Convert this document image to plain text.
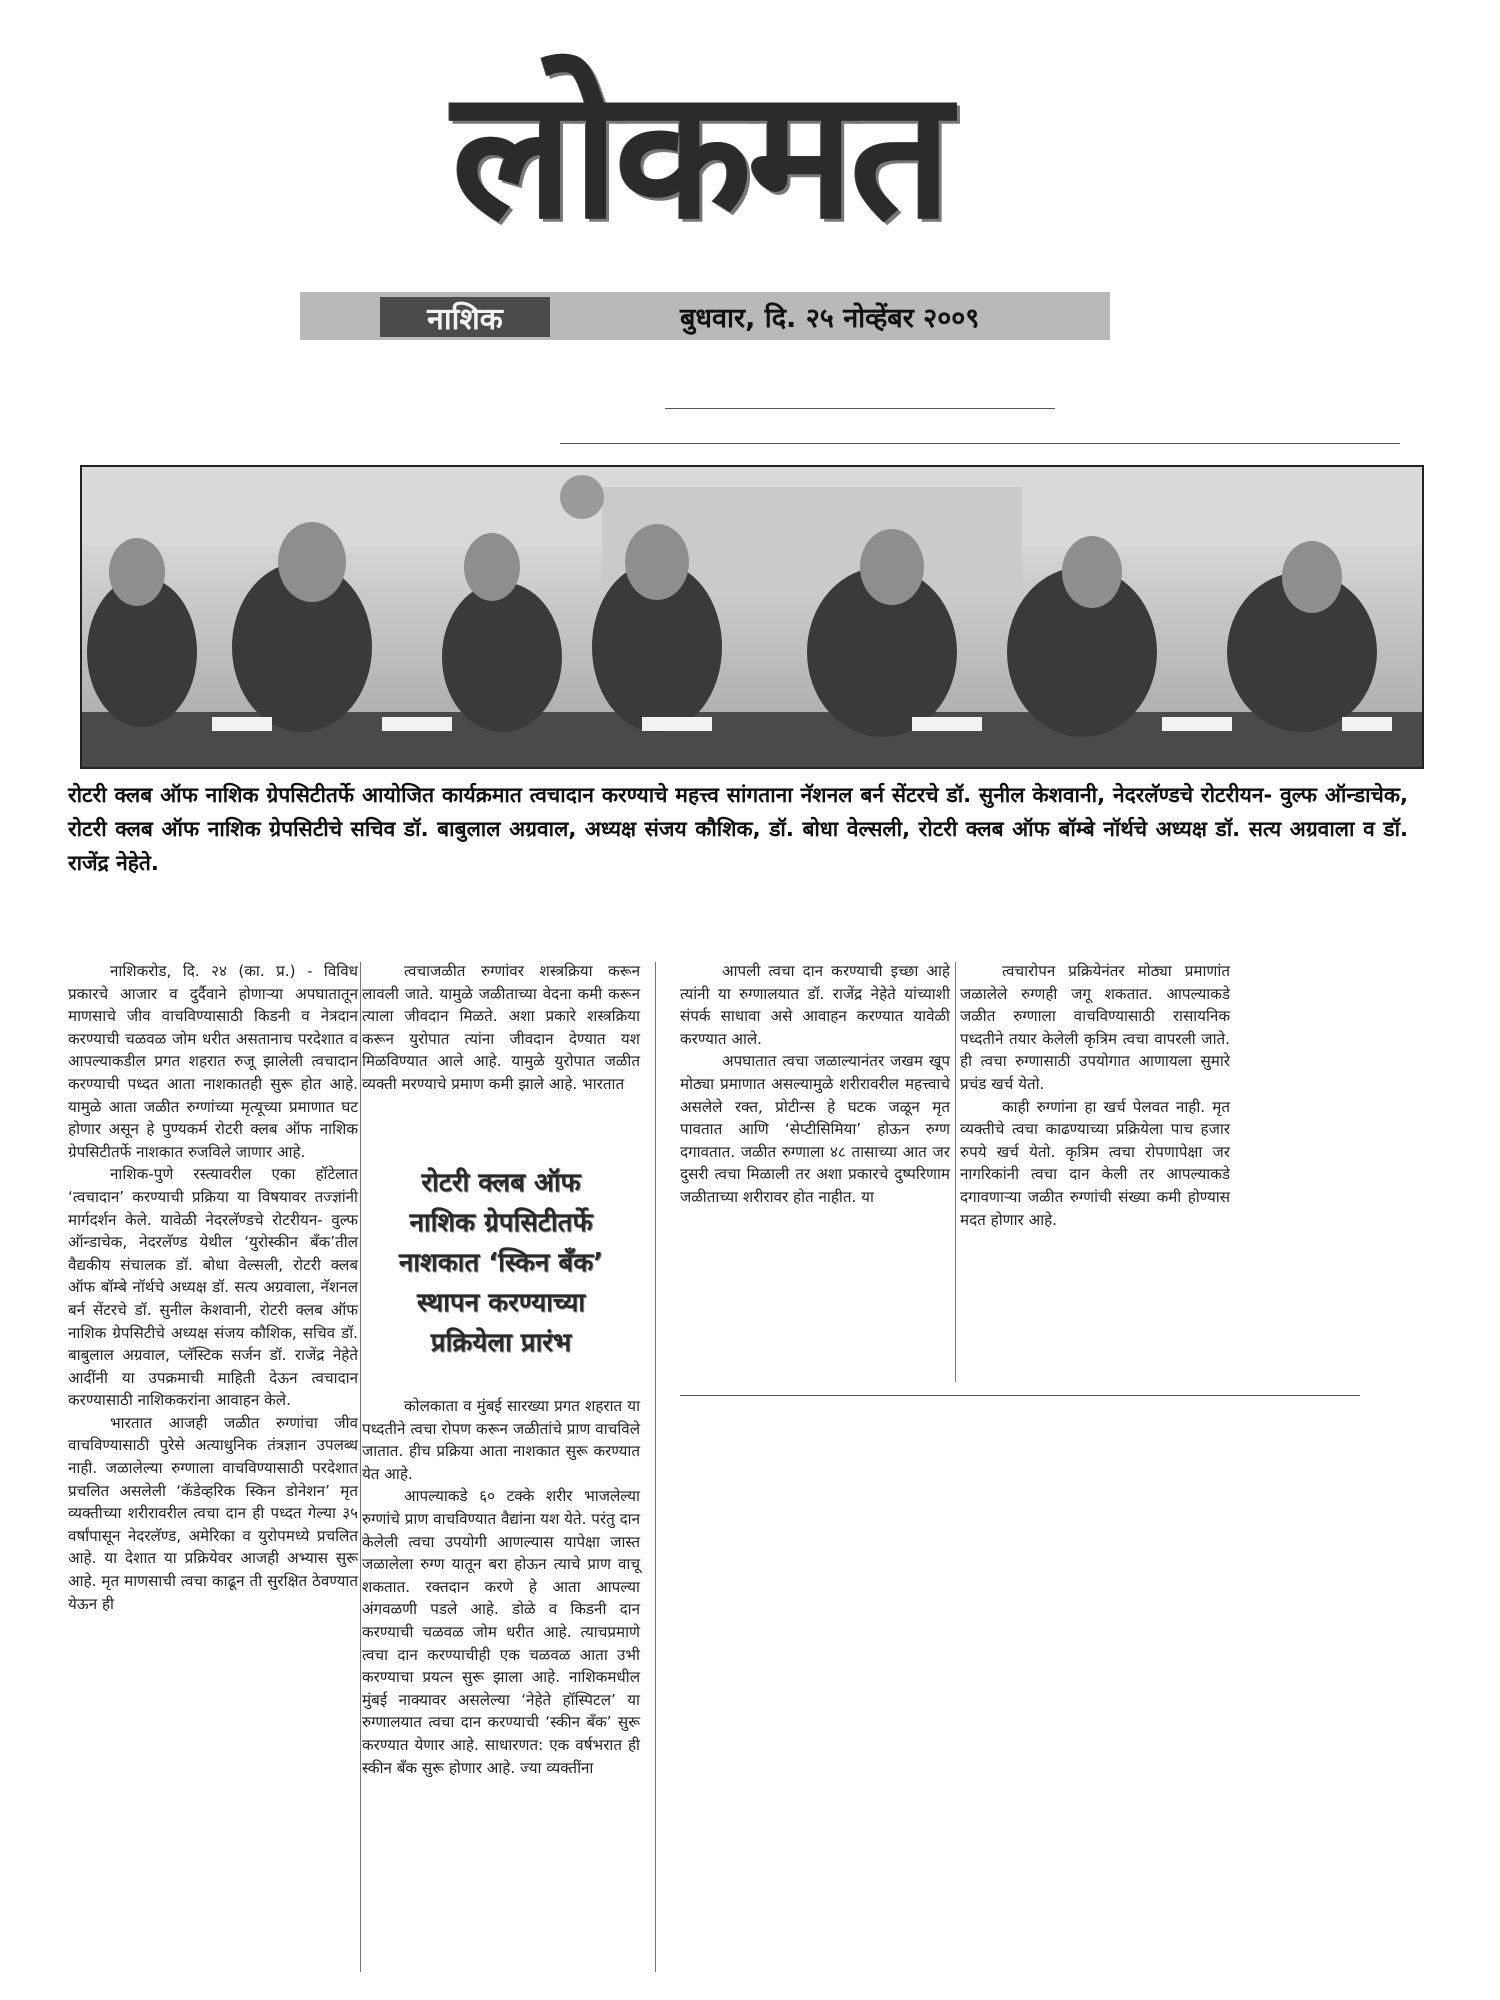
लोकमत
नाशिक	बुधवार, दि. २५ नोव्हेंबर २००९
रोटरी क्लब ऑफ नाशिक ग्रेपसिटीतर्फे आयोजित कार्यक्रमात त्वचादान करण्याचे महत्त्व सांगताना नॅशनल बर्न सेंटरचे डॉ. सुनील केशवानी, नेदरलॅण्डचे रोटरीयन- वुल्फ ऑन्डाचेक, रोटरी क्लब ऑफ नाशिक ग्रेपसिटीचे सचिव डॉ. बाबुलाल अग्रवाल, अध्यक्ष संजय कौशिक, डॉ. बोधा वेल्सली, रोटरी क्लब ऑफ बॉम्बे नॉर्थचे अध्यक्ष डॉ. सत्य अग्रवाला व डॉ. राजेंद्र नेहेते.

नाशिकरोड, दि. २४ (का. प्र.) - विविध प्रकारचे आजार व दुर्दैवाने होणाऱ्या अपघातातून माणसाचे जीव वाचविण्यासाठी किडनी व नेत्रदान करण्याची चळवळ जोम धरीत असतानाच परदेशात व आपल्याकडील प्रगत शहरात रुजू झालेली त्वचादान करण्याची पध्दत आता नाशकातही सुरू होत आहे. यामुळे आता जळीत रुग्णांच्या मृत्यूच्या प्रमाणात घट होणार असून हे पुण्यकर्म रोटरी क्लब ऑफ नाशिक ग्रेपसिटीतर्फे नाशकात रुजविले जाणार आहे.

नाशिक-पुणे रस्त्यावरील एका हॉटेलात ‘त्वचादान’ करण्याची प्रक्रिया या विषयावर तज्ज्ञांनी मार्गदर्शन केले. यावेळी नेदरलॅण्डचे रोटरीयन- वुल्फ ऑन्डाचेक, नेदरलॅण्ड येथील ‘युरोस्कीन बँक’तील वैद्यकीय संचालक डॉ. बोधा वेल्सली, रोटरी क्लब ऑफ बॉम्बे नॉर्थचे अध्यक्ष डॉ. सत्य अग्रवाला, नॅशनल बर्न सेंटरचे डॉ. सुनील केशवानी, रोटरी क्लब ऑफ नाशिक ग्रेपसिटीचे अध्यक्ष संजय कौशिक, सचिव डॉ. बाबुलाल अग्रवाल, प्लॅस्टिक सर्जन डॉ. राजेंद्र नेहेते आदींनी या उपक्रमाची माहिती देऊन त्वचादान करण्यासाठी नाशिककरांना आवाहन केले.

भारतात आजही जळीत रुग्णांचा जीव वाचविण्यासाठी पुरेसे अत्याधुनिक तंत्रज्ञान उपलब्ध नाही. जळालेल्या रुग्णाला वाचविण्यासाठी परदेशात प्रचलित असलेली ‘कॅडेव्हरिक स्किन डोनेशन’ मृत व्यक्तीच्या शरीरावरील त्वचा दान ही पध्दत गेल्या ३५ वर्षांपासून नेदरलॅण्ड, अमेरिका व युरोपमध्ये प्रचलित आहे. या देशात या प्रक्रियेवर आजही अभ्यास सुरू आहे. मृत माणसाची त्वचा काढून ती सुरक्षित ठेवण्यात येऊन ही

त्वचाजळीत रुग्णांवर शस्त्रक्रिया करून लावली जाते. यामुळे जळीताच्या वेदना कमी करून त्याला जीवदान मिळते. अशा प्रकारे शस्त्रक्रिया करून युरोपात त्यांना जीवदान देण्यात यश मिळविण्यात आले आहे. यामुळे युरोपात जळीत व्यक्ती मरण्याचे प्रमाण कमी झाले आहे. भारतात

रोटरी क्लब ऑफ
नाशिक ग्रेपसिटीतर्फे
नाशकात ‘स्किन बँक’
स्थापन करण्याच्या
प्रक्रियेला प्रारंभ

कोलकाता व मुंबई सारख्या प्रगत शहरात या पध्दतीने त्वचा रोपण करून जळीतांचे प्राण वाचविले जातात. हीच प्रक्रिया आता नाशकात सुरू करण्यात येत आहे.

आपल्याकडे ६० टक्के शरीर भाजलेल्या रुग्णांचे प्राण वाचविण्यात वैद्यांना यश येते. परंतु दान केलेली त्वचा उपयोगी आणल्यास यापेक्षा जास्त जळालेला रुग्ण यातून बरा होऊन त्याचे प्राण वाचू शकतात. रक्तदान करणे हे आता आपल्या अंगवळणी पडले आहे. डोळे व किडनी दान करण्याची चळवळ जोम धरीत आहे. त्याचप्रमाणे त्वचा दान करण्याचीही एक चळवळ आता उभी करण्याचा प्रयत्न सुरू झाला आहे. नाशिकमधील मुंबई नाक्यावर असलेल्या ‘नेहेते हॉस्पिटल’ या रुग्णालयात त्वचा दान करण्याची ‘स्कीन बँक’ सुरू करण्यात येणार आहे. साधारणत: एक वर्षभरात ही स्कीन बँक सुरू होणार आहे. ज्या व्यक्तींना

आपली त्वचा दान करण्याची इच्छा आहे त्यांनी या रुग्णालयात डॉ. राजेंद्र नेहेते यांच्याशी संपर्क साधावा असे आवाहन करण्यात यावेळी करण्यात आले.

अपघातात त्वचा जळाल्यानंतर जखम खूप मोठ्या प्रमाणात असल्यामुळे शरीरावरील महत्त्वाचे असलेले रक्त, प्रोटीन्स हे घटक जळून मृत पावतात आणि ‘सेप्टीसिमिया’ होऊन रुग्ण दगावतात. जळीत रुग्णाला ४८ तासाच्या आत जर दुसरी त्वचा मिळाली तर अशा प्रकारचे दुष्परिणाम जळीताच्या शरीरावर होत नाहीत. या

त्वचारोपन प्रक्रियेनंतर मोठ्या प्रमाणांत जळालेले रुग्णही जगू शकतात. आपल्याकडे जळीत रुग्णाला वाचविण्यासाठी रासायनिक पध्दतीने तयार केलेली कृत्रिम त्वचा वापरली जाते. ही त्वचा रुग्णासाठी उपयोगात आणायला सुमारे प्रचंड खर्च येतो.

काही रुग्णांना हा खर्च पेलवत नाही. मृत व्यक्तीचे त्वचा काढण्याच्या प्रक्रियेला पाच हजार रुपये खर्च येतो. कृत्रिम त्वचा रोपणापेक्षा जर नागरिकांनी त्वचा दान केली तर आपल्याकडे दगावणाऱ्या जळीत रुग्णांची संख्या कमी होण्यास मदत होणार आहे.
